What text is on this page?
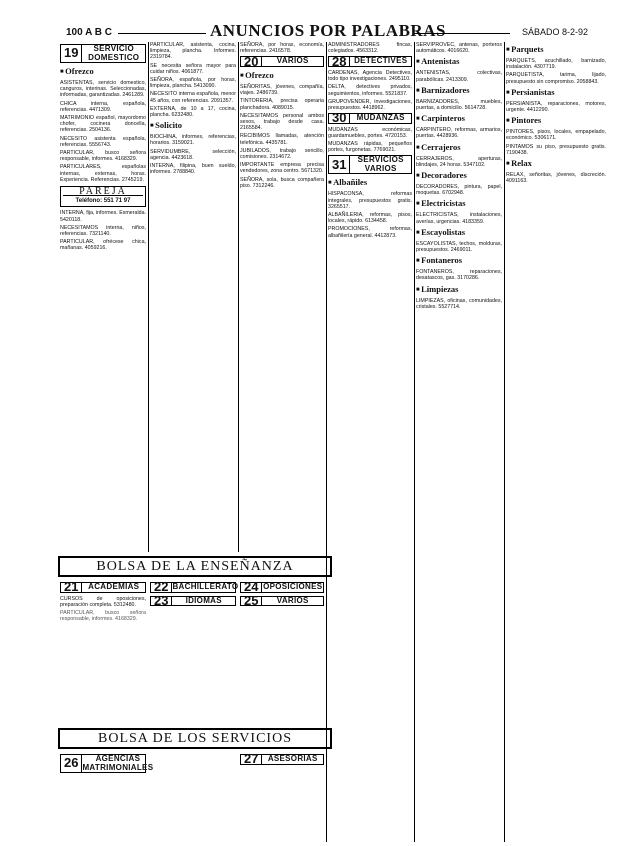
100 A B C	ANUNCIOS POR PALABRAS	SÁBADO 8-2-92
19	SERVICIO DOMESTICO
■ Ofrezco

ASISTENTAS, servicio domestico, canguros, interinas. Seleccionadas, informadas, garantizadas. 2461289.

CHICA interna, española, referencias. 4471309.

MATRIMONIO español, mayordomo chofer, cocinera doncella, referencias. 2504136.

NECESITO asistenta española, referencias. 5556743.

PARTICULAR, busco señora responsable, informes. 4168329.

PARTICULARES, españolas internas, externas, horas. Experiencia. Referencias. 2745219.

PAREJA
Teléfono: 551 71 97

INTERNA, fija, informes. Esmeralda. 5420118.

NECESITAMOS interna, niños, referencias. 7321140.

PARTICULAR, ofrécese chica, mañanas. 4059216.

PARTICULAR, asistenta, cocina, limpieza, plancha. Informes. 2319784.

SE necesita señora mayor para cuidar niños. 4061877.

SEÑORA, española, por horas, limpieza, plancha. 5413090.

NECESITO interna española, menor 45 años, con referencias. 2091357.

EXTERNA, de 10 a 17, cocina, plancha. 6232480.

■ Solicito

BIOCHINA, informes, referencias, horarios. 3159021.

SERVIDUMBRE, selección, agencia. 4423618.

INTERNA, filipina, buen sueldo, informes. 2788840.

SEÑORA, por horas, economía, referencias. 2416578.

20	VARIOS
■ Ofrezco

SEÑORITAS, jóvenes, compañía, viajes. 2486739.

TINTORERIA, precisa operaria planchadora. 4089015.

NECESITAMOS personal ambos sexos, trabajo desde casa. 2165584.

RECIBIMOS llamadas, atención telefónica. 4435781.

JUBILADOS, trabajo sencillo, comisiones. 2314672.

IMPORTANTE empresa precisa vendedores, zona centro. 5671320.

SEÑORA, sola, busca compañera piso. 7312246.

BOLSA DE LA ENSEÑANZA
21	ACADEMIAS

CURSOS de oposiciones, preparación completa. 5312480.

PARTICULAR, busco señora responsable, informes. 4168329.

22 BACHILLERATO
23	IDIOMAS
24 OPOSICIONES
25	VARIOS
BOLSA DE LOS SERVICIOS
26	AGENCIAS MATRIMONIALES
27	ASESORIAS

ADMINISTRADORES fincas, colegiados. 4563312.

28 DETECTIVES

CARDENAS, Agencia Detectives, todo tipo investigaciones. 2495110.

DELTA, detectives privados, seguimientos, informes. 5521837.

GRUPOVENDER, investigaciones, presupuestos. 4418962.

30	MUDANZAS

MUDANZAS económicas, guardamuebles, portes. 4720153.

MUDANZAS rápidas, pequeños portes, furgonetas. 7769021.

31	SERVICIOS VARIOS
■ Albañiles

HISPACONSA, reformas integrales, presupuestos gratis. 3265517.

ALBAÑILERIA, reformas, pisos, locales, rápido. 6134458.

PROMOCIONES, reformas, albañilería general. 4412873.

SERVIPROVEC, antenas, porteros automáticos. 4016620.

■ Antenistas

ANTENISTAS, colectivas, parabólicas. 2413309.

■ Barnizadores

BARNIZADORES, muebles, puertas, a domicilio. 5614728.

■ Carpinteros

CARPINTERO, reformas, armarios, puertas. 4428936.

■ Cerrajeros

CERRAJEROS, aperturas, blindajes, 24 horas. 5347102.

■ Decoradores

DECORADORES, pintura, papel, moquetas. 6702948.

■ Electricistas

ELECTRICISTAS, instalaciones, averías, urgencias. 4183359.

■ Escayolistas

ESCAYOLISTAS, techos, molduras, presupuestos. 2469011.

■ Fontaneros

FONTANEROS, reparaciones, desatascos, gas. 3170286.

■ Limpiezas

LIMPIEZAS, oficinas, comunidades, cristales. 5527714.

■ Parquets

PARQUETS, acuchillado, barnizado, instalación. 4307719.

PARQUETISTA, tarima, lijado, presupuesto sin compromiso. 2058843.

■ Persianistas

PERSIANISTA, reparaciones, motores, urgente. 4412290.

■ Pintores

PINTORES, pisos, locales, empapelado, económico. 5306171.

PINTAMOS su piso, presupuesto gratis. 7190438.

■ Relax

RELAX, señoritas, jóvenes, discreción. 4091163.
